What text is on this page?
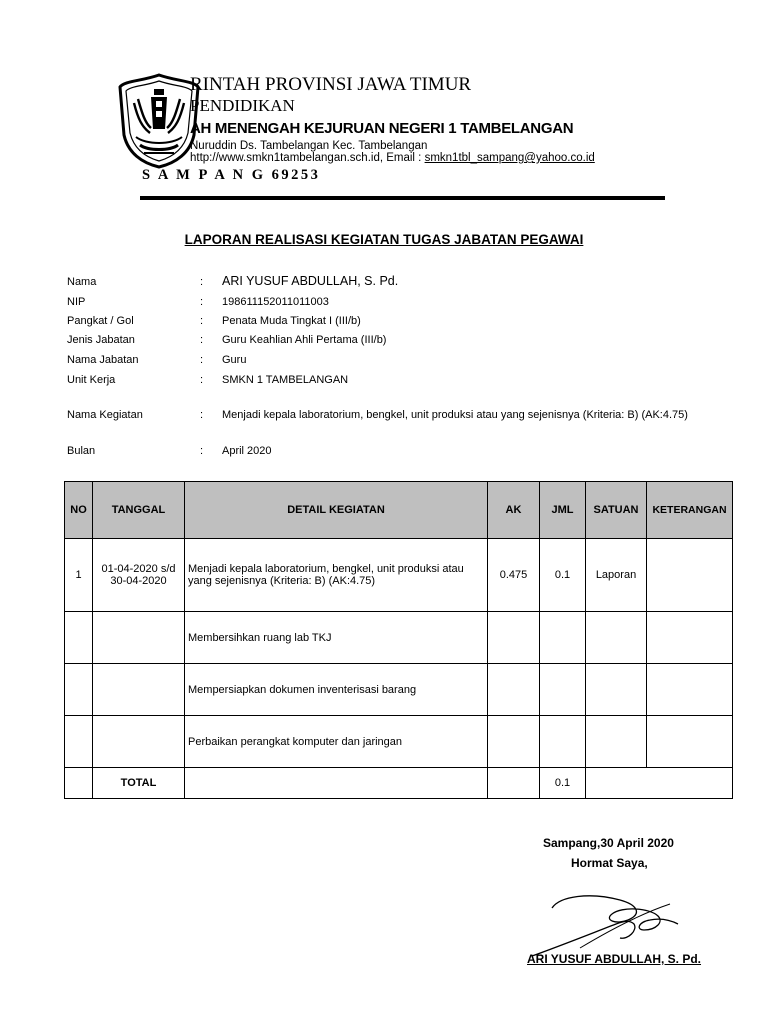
RINTAH PROVINSI JAWA TIMUR
PENDIDIKAN
AH MENENGAH KEJURUAN NEGERI 1 TAMBELANGAN
Nuruddin Ds. Tambelangan Kec. Tambelangan
http://www.smkn1tambelangan.sch.id, Email : smkn1tbl_sampang@yahoo.co.id
S A M P A N G 69253
LAPORAN REALISASI KEGIATAN TUGAS JABATAN PEGAWAI
Nama	: ARI YUSUF ABDULLAH, S. Pd.
NIP	: 198611152011011003
Pangkat / Gol	: Penata Muda Tingkat I (III/b)
Jenis Jabatan	: Guru Keahlian Ahli Pertama (III/b)
Nama Jabatan	: Guru
Unit Kerja	: SMKN 1 TAMBELANGAN
Nama Kegiatan	: Menjadi kepala laboratorium, bengkel, unit produksi atau yang sejenisnya (Kriteria: B) (AK:4.75)
Bulan	: April 2020
NO	TANGGAL	DETAIL KEGIATAN	AK	JML	SATUAN	KETERANGAN
1	01-04-2020 s/d 30-04-2020	Menjadi kepala laboratorium, bengkel, unit produksi atau yang sejenisnya (Kriteria: B) (AK:4.75)	0.475	0.1	Laporan	
		Membersihkan ruang lab TKJ				
		Mempersiapkan dokumen inventerisasi barang				
		Perbaikan perangkat komputer dan jaringan				
	TOTAL			0.1		
Sampang,30 April 2020
Hormat Saya,
ARI YUSUF ABDULLAH, S. Pd.
